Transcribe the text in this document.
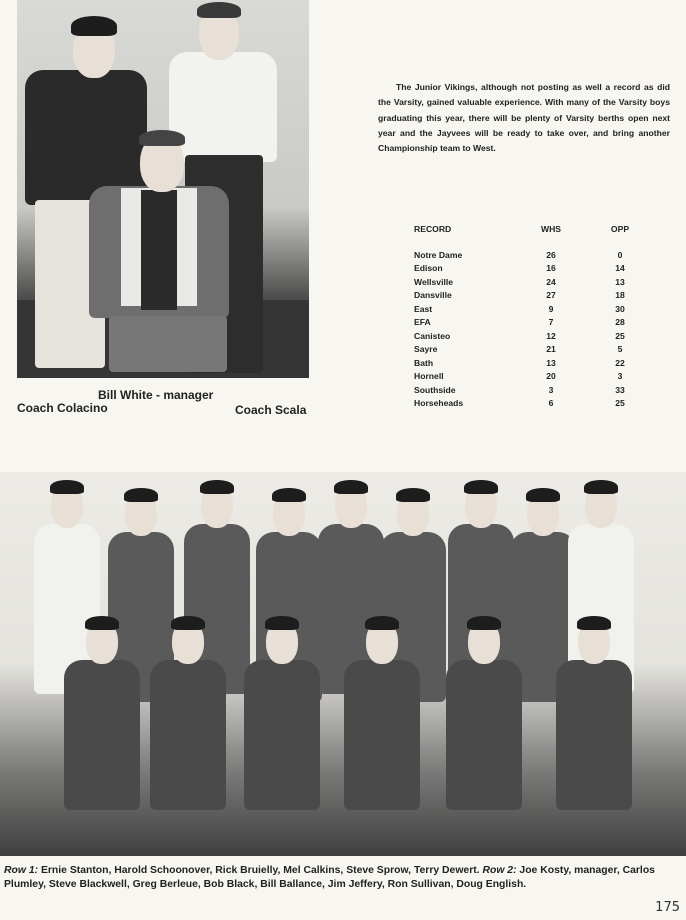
Bill White - manager
Coach Colacino	Coach Scala
The Junior Vikings, although not posting as well a record as did the Varsity, gained valuable experience. With many of the Varsity boys graduating this year, there will be plenty of Varsity berths open next year and the Jayvees will be ready to take over, and bring another Championship team to West.
RECORD	WHS	OPP
Notre Dame	26	0
Edison	16	14
Wellsville	24	13
Dansville	27	18
East	9	30
EFA	7	28
Canisteo	12	25
Sayre	21	5
Bath	13	22
Hornell	20	3
Southside	3	33
Horseheads	6	25
Row 1: Ernie Stanton, Harold Schoonover, Rick Bruielly, Mel Calkins, Steve Sprow, Terry Dewert. Row 2: Joe Kosty, manager, Carlos Plumley, Steve Blackwell, Greg Berleue, Bob Black, Bill Ballance, Jim Jeffery, Ron Sullivan, Doug English.
175
